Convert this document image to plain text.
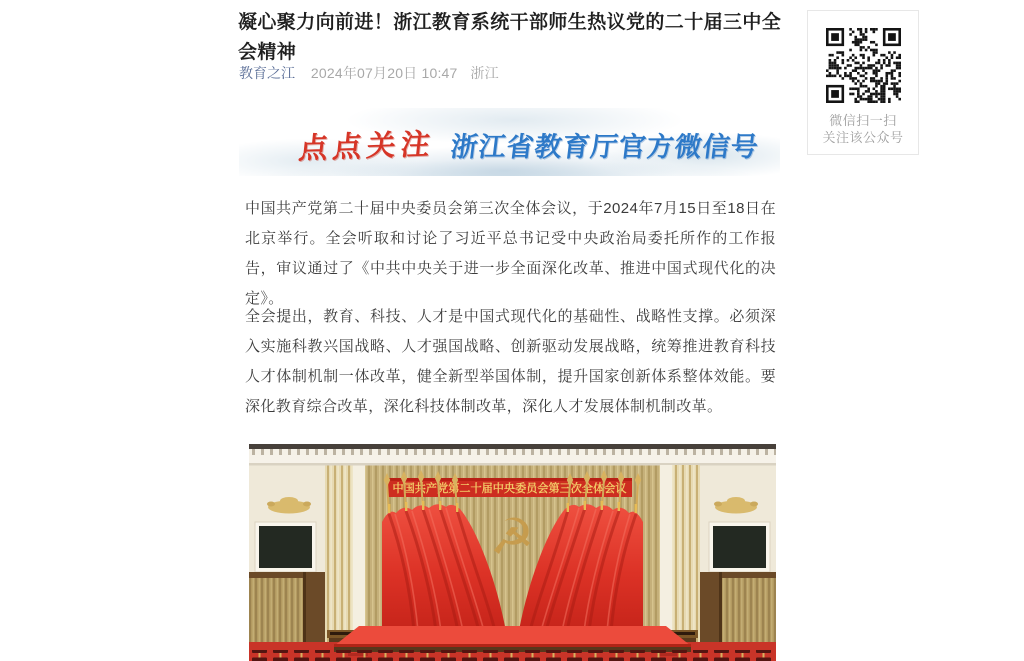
凝心聚力向前进！浙江教育系统干部师生热议党的二十届三中全会精神
教育之江 2024年07月20日 10:47 浙江
点点关注 浙江省教育厅官方微信号

中国共产党第二十届中央委员会第三次全体会议，于2024年7月15日至18日在北京举行。全会听取和讨论了习近平总书记受中央政治局委托所作的工作报告，审议通过了《中共中央关于进一步全面深化改革、推进中国式现代化的决定》。

全会提出，教育、科技、人才是中国式现代化的基础性、战略性支撑。必须深入实施科教兴国战略、人才强国战略、创新驱动发展战略，统筹推进教育科技人才体制机制一体改革，健全新型举国体制，提升国家创新体系整体效能。要深化教育综合改革，深化科技体制改革，深化人才发展体制机制改革。

中国共产党第二十届中央委员会第三次全体会议
☭
微信扫一扫
关注该公众号
